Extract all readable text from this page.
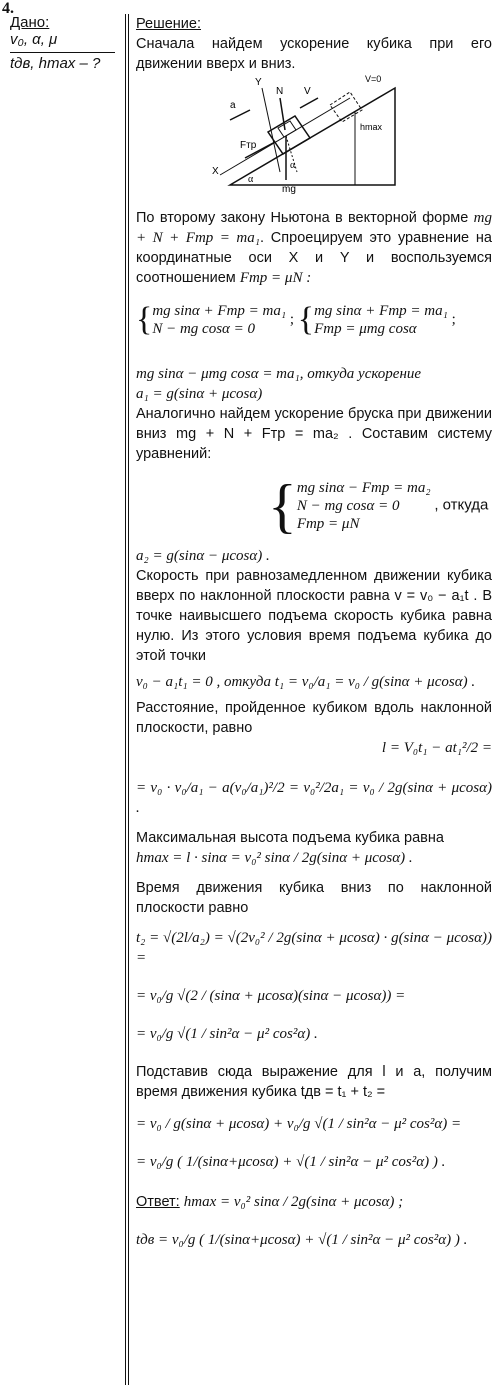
4.
Дано:
v₀, α, μ
tдв, hmax – ?

Решение:

Сначала найдем ускорение кубика при его движении вверх и вниз.

Y
N V
V=0
a
Fтр
hmax
X
α
α
mg

По второму закону Ньютона в векторной форме mg + N + Fтр = ma₁. Спроецируем это уравнение на координатные оси X и Y и воспользуемся соотношением Fтр = μN :

{ mg sinα + Fтр = ma₁
N − mg cosα = 0
; { mg sinα + Fтр = ma₁
Fтр = μmg cosα
;

mg sinα − μmg cosα = ma₁, откуда ускорение

a₁ = g(sinα + μcosα)

Аналогично найдем ускорение бруска при движении вниз mg + N + Fтр = ma₂ . Составим систему уравнений:

{ mg sinα − Fтр = ma₂
N − mg cosα = 0
Fтр = μN
, откуда

a₂ = g(sinα − μcosα) .

Скорость при равнозамедленном движении кубика вверх по наклонной плоскости равна v = v₀ − a₁t . В точке наивысшего подъема скорость кубика равна нулю. Из этого условия время подъема кубика до этой точки

v₀ − a₁t₁ = 0 , откуда t₁ = v₀/a₁ = v₀ / g(sinα + μcosα) .

Расстояние, пройденное кубиком вдоль наклонной плоскости, равно

l = V₀t₁ − at₁²/2 =

= v₀ · v₀/a₁ − a(v₀/a₁)²/2 = v₀²/2a₁ = v₀ / 2g(sinα + μcosα) .

Максимальная высота подъема кубика равна

hmax = l · sinα = v₀² sinα / 2g(sinα + μcosα) .

Время движения кубика вниз по наклонной плоскости равно

t₂ = √(2l/a₂) = √(2v₀² / 2g(sinα + μcosα) · g(sinα − μcosα)) =

= v₀/g √(2 / (sinα + μcosα)(sinα − μcosα)) =

= v₀/g √(1 / sin²α − μ² cos²α) .

Подставив сюда выражение для l и a, получим время движения кубика tдв = t₁ + t₂ =

= v₀ / g(sinα + μcosα) + v₀/g √(1 / sin²α − μ² cos²α) =

= v₀/g ( 1/(sinα+μcosα) + √(1 / sin²α − μ² cos²α) ) .

Ответ: hmax = v₀² sinα / 2g(sinα + μcosα) ;

tдв = v₀/g ( 1/(sinα+μcosα) + √(1 / sin²α − μ² cos²α) ) .
